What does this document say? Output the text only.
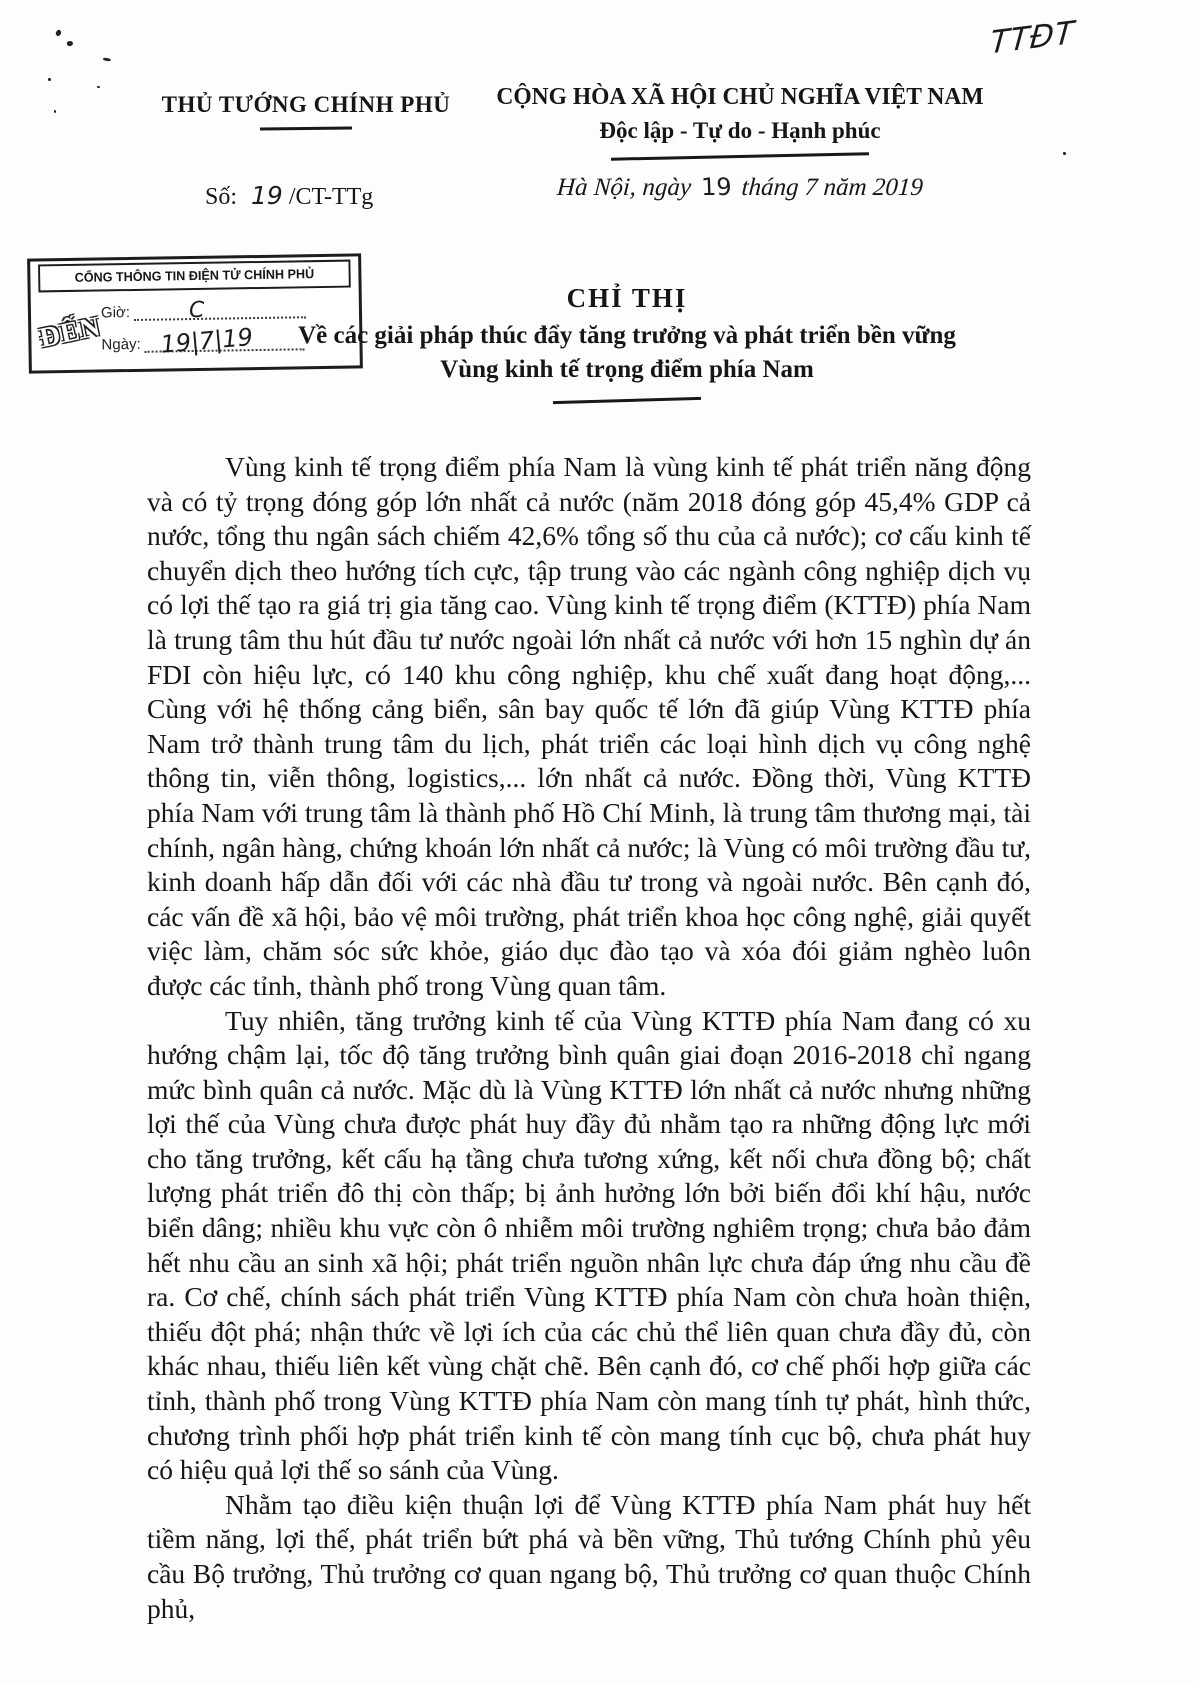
TTĐT
THỦ TƯỚNG CHÍNH PHỦ
Số: 19 /CT-TTg
CỘNG HÒA XÃ HỘI CHỦ NGHĨA VIỆT NAM
Độc lập - Tự do - Hạnh phúc
Hà Nội, ngày 19 tháng 7 năm 2019
CỔNG THÔNG TIN ĐIỆN TỬ CHÍNH PHỦ
ĐẾN
Giờ:	C
Ngày: 19|7|19
CHỈ THỊ
Về các giải pháp thúc đẩy tăng trưởng và phát triển bền vững
Vùng kinh tế trọng điểm phía Nam

Vùng kinh tế trọng điểm phía Nam là vùng kinh tế phát triển năng động và có tỷ trọng đóng góp lớn nhất cả nước (năm 2018 đóng góp 45,4% GDP cả nước, tổng thu ngân sách chiếm 42,6% tổng số thu của cả nước); cơ cấu kinh tế chuyển dịch theo hướng tích cực, tập trung vào các ngành công nghiệp dịch vụ có lợi thế tạo ra giá trị gia tăng cao. Vùng kinh tế trọng điểm (KTTĐ) phía Nam là trung tâm thu hút đầu tư nước ngoài lớn nhất cả nước với hơn 15 nghìn dự án FDI còn hiệu lực, có 140 khu công nghiệp, khu chế xuất đang hoạt động,... Cùng với hệ thống cảng biển, sân bay quốc tế lớn đã giúp Vùng KTTĐ phía Nam trở thành trung tâm du lịch, phát triển các loại hình dịch vụ công nghệ thông tin, viễn thông, logistics,... lớn nhất cả nước. Đồng thời, Vùng KTTĐ phía Nam với trung tâm là thành phố Hồ Chí Minh, là trung tâm thương mại, tài chính, ngân hàng, chứng khoán lớn nhất cả nước; là Vùng có môi trường đầu tư, kinh doanh hấp dẫn đối với các nhà đầu tư trong và ngoài nước. Bên cạnh đó, các vấn đề xã hội, bảo vệ môi trường, phát triển khoa học công nghệ, giải quyết việc làm, chăm sóc sức khỏe, giáo dục đào tạo và xóa đói giảm nghèo luôn được các tỉnh, thành phố trong Vùng quan tâm.

Tuy nhiên, tăng trưởng kinh tế của Vùng KTTĐ phía Nam đang có xu hướng chậm lại, tốc độ tăng trưởng bình quân giai đoạn 2016-2018 chỉ ngang mức bình quân cả nước. Mặc dù là Vùng KTTĐ lớn nhất cả nước nhưng những lợi thế của Vùng chưa được phát huy đầy đủ nhằm tạo ra những động lực mới cho tăng trưởng, kết cấu hạ tầng chưa tương xứng, kết nối chưa đồng bộ; chất lượng phát triển đô thị còn thấp; bị ảnh hưởng lớn bởi biến đổi khí hậu, nước biển dâng; nhiều khu vực còn ô nhiễm môi trường nghiêm trọng; chưa bảo đảm hết nhu cầu an sinh xã hội; phát triển nguồn nhân lực chưa đáp ứng nhu cầu đề ra. Cơ chế, chính sách phát triển Vùng KTTĐ phía Nam còn chưa hoàn thiện, thiếu đột phá; nhận thức về lợi ích của các chủ thể liên quan chưa đầy đủ, còn khác nhau, thiếu liên kết vùng chặt chẽ. Bên cạnh đó, cơ chế phối hợp giữa các tỉnh, thành phố trong Vùng KTTĐ phía Nam còn mang tính tự phát, hình thức, chương trình phối hợp phát triển kinh tế còn mang tính cục bộ, chưa phát huy có hiệu quả lợi thế so sánh của Vùng.

Nhằm tạo điều kiện thuận lợi để Vùng KTTĐ phía Nam phát huy hết tiềm năng, lợi thế, phát triển bứt phá và bền vững, Thủ tướng Chính phủ yêu cầu Bộ trưởng, Thủ trưởng cơ quan ngang bộ, Thủ trưởng cơ quan thuộc Chính phủ,
